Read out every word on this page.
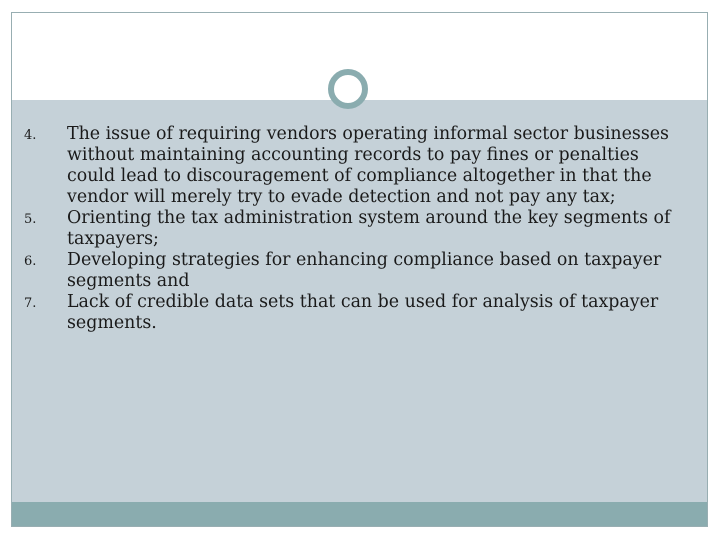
4.	The issue of requiring vendors operating informal sector businesses without maintaining accounting records to pay fines or penalties could lead to discouragement of compliance altogether in that the vendor will merely try to evade detection and not pay any tax;
5.	Orienting the tax administration system around the key segments of taxpayers;
6.	Developing strategies for enhancing compliance based on taxpayer segments and
7.	Lack of credible data sets that can be used for analysis of taxpayer segments.
